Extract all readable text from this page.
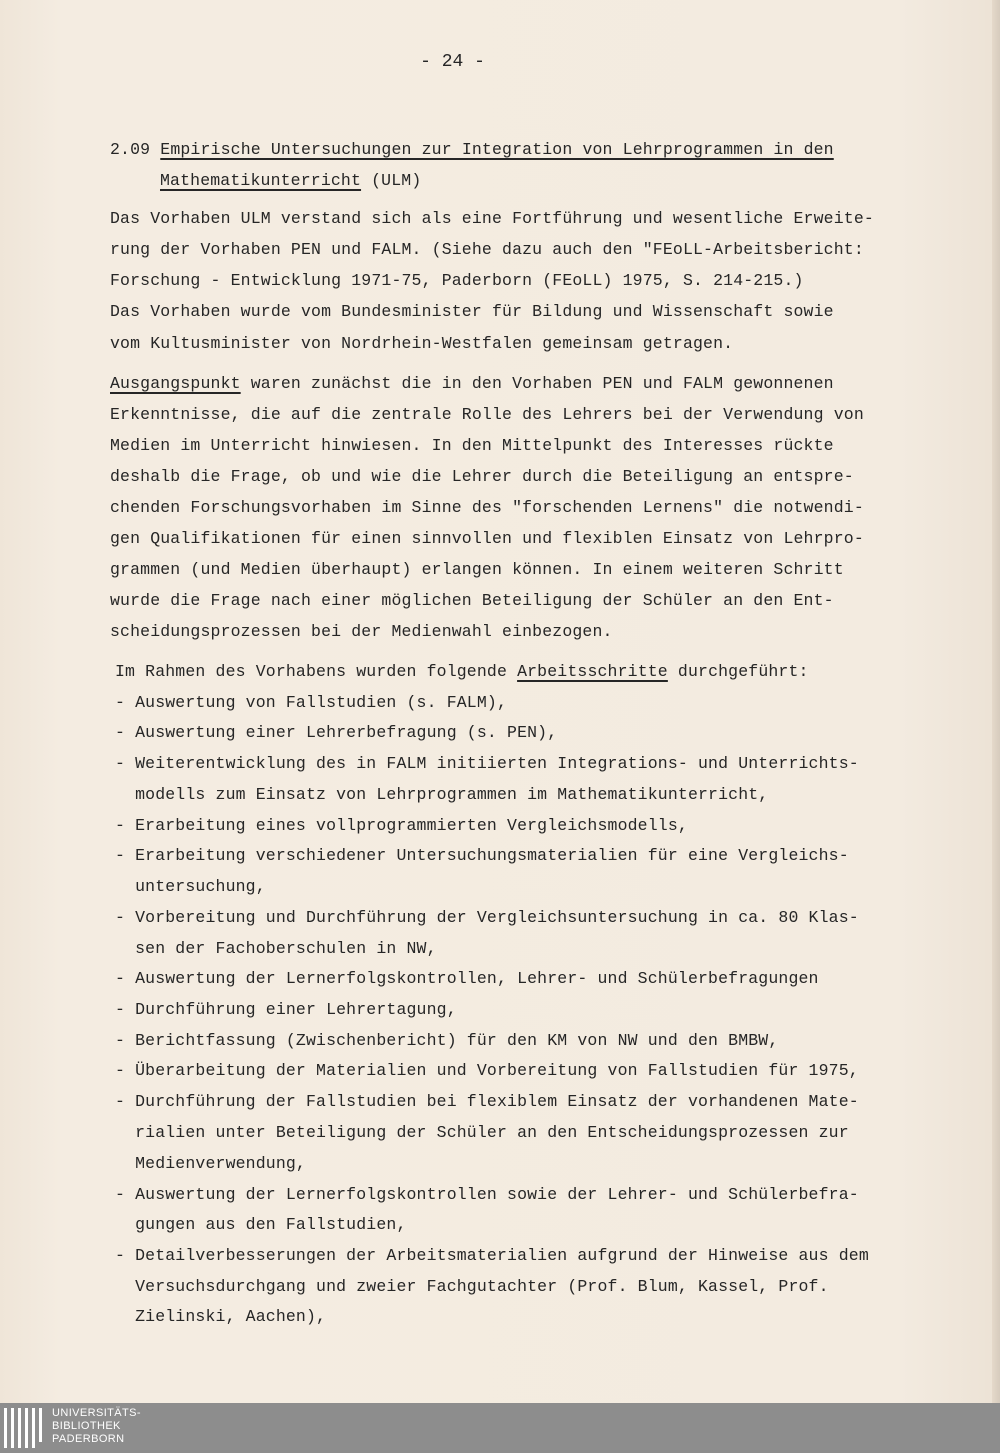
- 24 -
2.09 Empirische Untersuchungen zur Integration von Lehrprogrammen in den
Mathematikunterricht (ULM)
Das Vorhaben ULM verstand sich als eine Fortführung und wesentliche Erweite-
rung der Vorhaben PEN und FALM. (Siehe dazu auch den "FEoLL-Arbeitsbericht:
Forschung - Entwicklung 1971-75, Paderborn (FEoLL) 1975, S. 214-215.)
Das Vorhaben wurde vom Bundesminister für Bildung und Wissenschaft sowie
vom Kultusminister von Nordrhein-Westfalen gemeinsam getragen.
Ausgangspunkt waren zunächst die in den Vorhaben PEN und FALM gewonnenen
Erkenntnisse, die auf die zentrale Rolle des Lehrers bei der Verwendung von
Medien im Unterricht hinwiesen. In den Mittelpunkt des Interesses rückte
deshalb die Frage, ob und wie die Lehrer durch die Beteiligung an entspre-
chenden Forschungsvorhaben im Sinne des "forschenden Lernens" die notwendi-
gen Qualifikationen für einen sinnvollen und flexiblen Einsatz von Lehrpro-
grammen (und Medien überhaupt) erlangen können. In einem weiteren Schritt
wurde die Frage nach einer möglichen Beteiligung der Schüler an den Ent-
scheidungsprozessen bei der Medienwahl einbezogen.
Im Rahmen des Vorhabens wurden folgende Arbeitsschritte durchgeführt:
- Auswertung von Fallstudien (s. FALM),
- Auswertung einer Lehrerbefragung (s. PEN),
- Weiterentwicklung des in FALM initiierten Integrations- und Unterrichts-
modells zum Einsatz von Lehrprogrammen im Mathematikunterricht,
- Erarbeitung eines vollprogrammierten Vergleichsmodells,
- Erarbeitung verschiedener Untersuchungsmaterialien für eine Vergleichs-
untersuchung,
- Vorbereitung und Durchführung der Vergleichsuntersuchung in ca. 80 Klas-
sen der Fachoberschulen in NW,
- Auswertung der Lernerfolgskontrollen, Lehrer- und Schülerbefragungen
- Durchführung einer Lehrertagung,
- Berichtfassung (Zwischenbericht) für den KM von NW und den BMBW,
- Überarbeitung der Materialien und Vorbereitung von Fallstudien für 1975,
- Durchführung der Fallstudien bei flexiblem Einsatz der vorhandenen Mate-
rialien unter Beteiligung der Schüler an den Entscheidungsprozessen zur
Medienverwendung,
- Auswertung der Lernerfolgskontrollen sowie der Lehrer- und Schülerbefra-
gungen aus den Fallstudien,
- Detailverbesserungen der Arbeitsmaterialien aufgrund der Hinweise aus dem
Versuchsdurchgang und zweier Fachgutachter (Prof. Blum, Kassel, Prof.
Zielinski, Aachen),
UNIVERSITÄTS-
BIBLIOTHEK
PADERBORN
